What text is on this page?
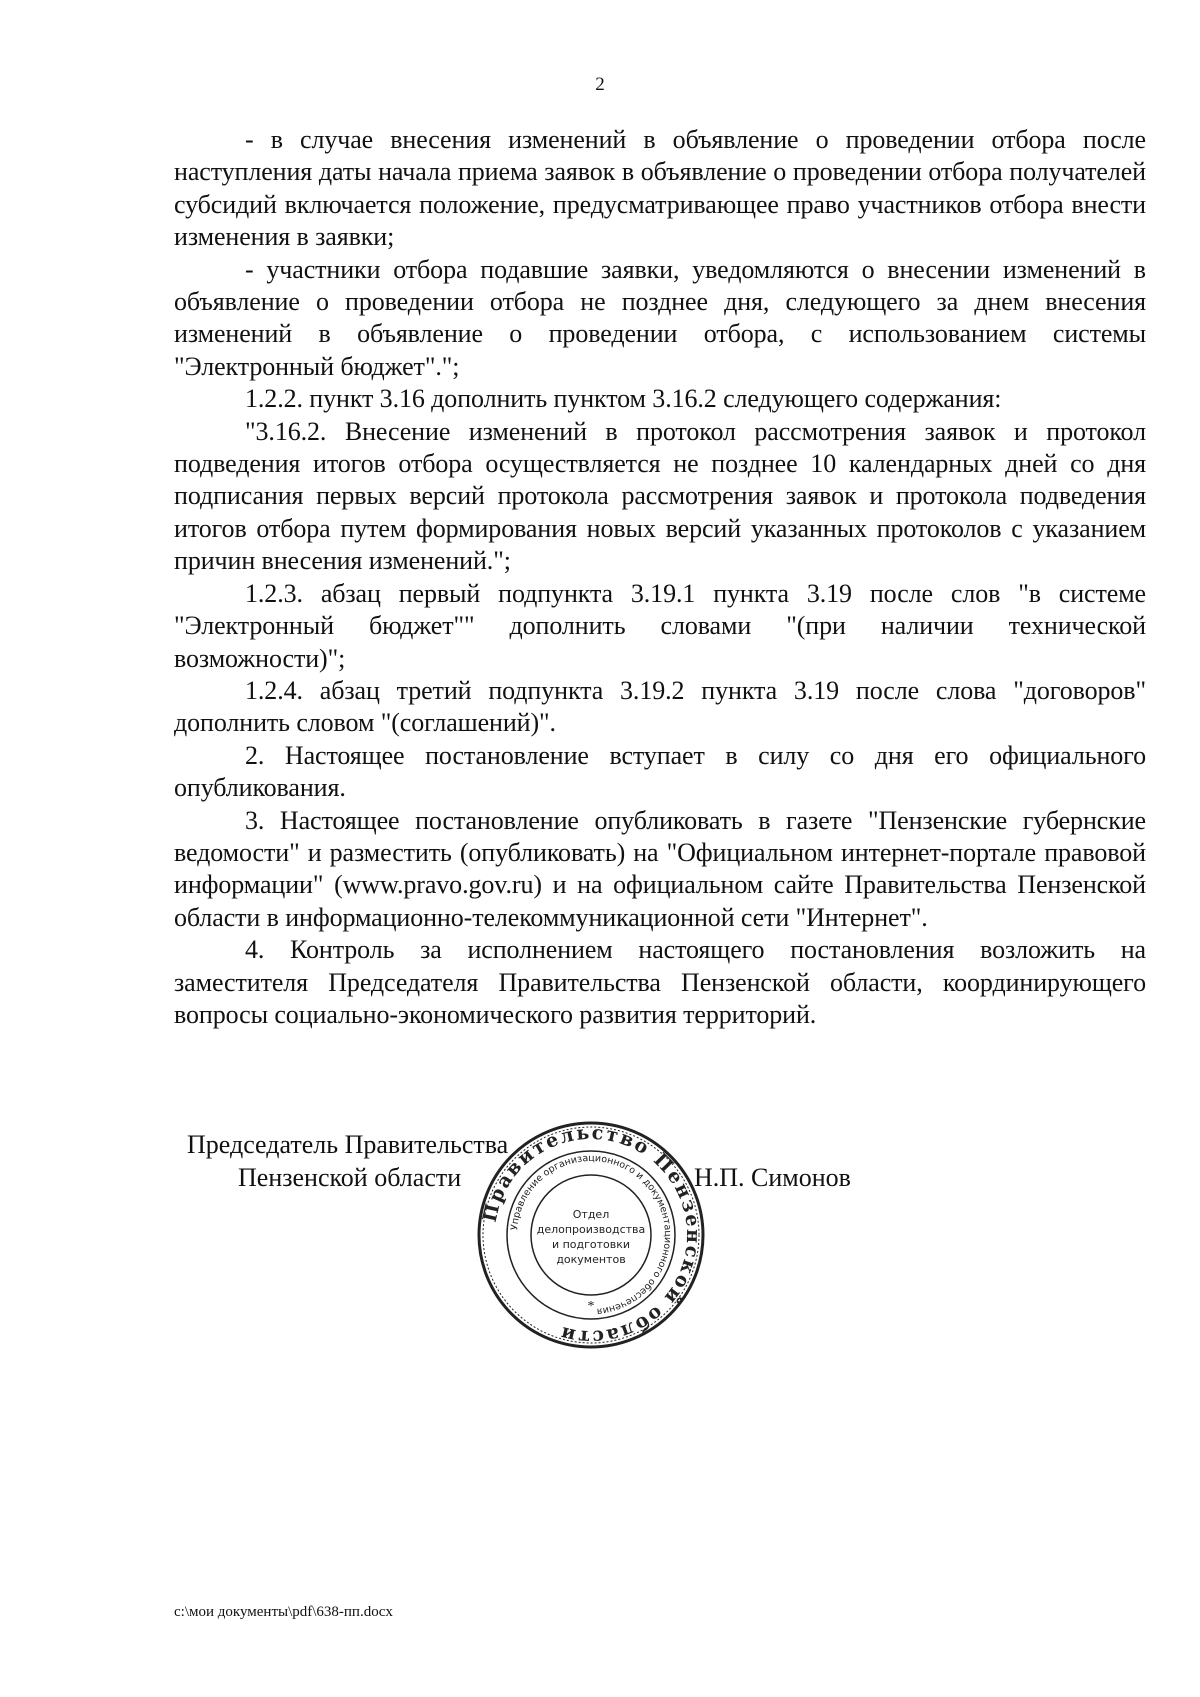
2

- в случае внесения изменений в объявление о проведении отбора после наступления даты начала приема заявок в объявление о проведении отбора получателей субсидий включается положение, предусматривающее право участников отбора внести изменения в заявки;

- участники отбора подавшие заявки, уведомляются о внесении изменений в объявление о проведении отбора не позднее дня, следующего за днем внесения изменений в объявление о проведении отбора, с использованием системы "Электронный бюджет".";

1.2.2. пункт 3.16 дополнить пунктом 3.16.2 следующего содержания:

"3.16.2. Внесение изменений в протокол рассмотрения заявок и протокол подведения итогов отбора осуществляется не позднее 10 календарных дней со дня подписания первых версий протокола рассмотрения заявок и протокола подведения итогов отбора путем формирования новых версий указанных протоколов с указанием причин внесения изменений.";

1.2.3. абзац первый подпункта 3.19.1 пункта 3.19 после слов "в системе "Электронный бюджет"" дополнить словами "(при наличии технической возможности)";

1.2.4. абзац третий подпункта 3.19.2 пункта 3.19 после слова "договоров" дополнить словом "(соглашений)".

2. Настоящее постановление вступает в силу со дня его официального опубликования.

3. Настоящее постановление опубликовать в газете "Пензенские губернские ведомости" и разместить (опубликовать) на "Официальном интернет-портале правовой информации" (www.pravo.gov.ru) и на официальном сайте Правительства Пензенской области в информационно-телекоммуникационной сети "Интернет".

4. Контроль за исполнением настоящего постановления возложить на заместителя Председателя Правительства Пензенской области, координирующего вопросы социально-экономического развития территорий.

Председатель Правительства
Пензенской области	Н.П. Симонов
Правительство Пензенской области
Управление организационного и документационного обеспечения
Отдел
делопроизводства
и подготовки
документов
*
c:\мои документы\pdf\638-пп.docx
